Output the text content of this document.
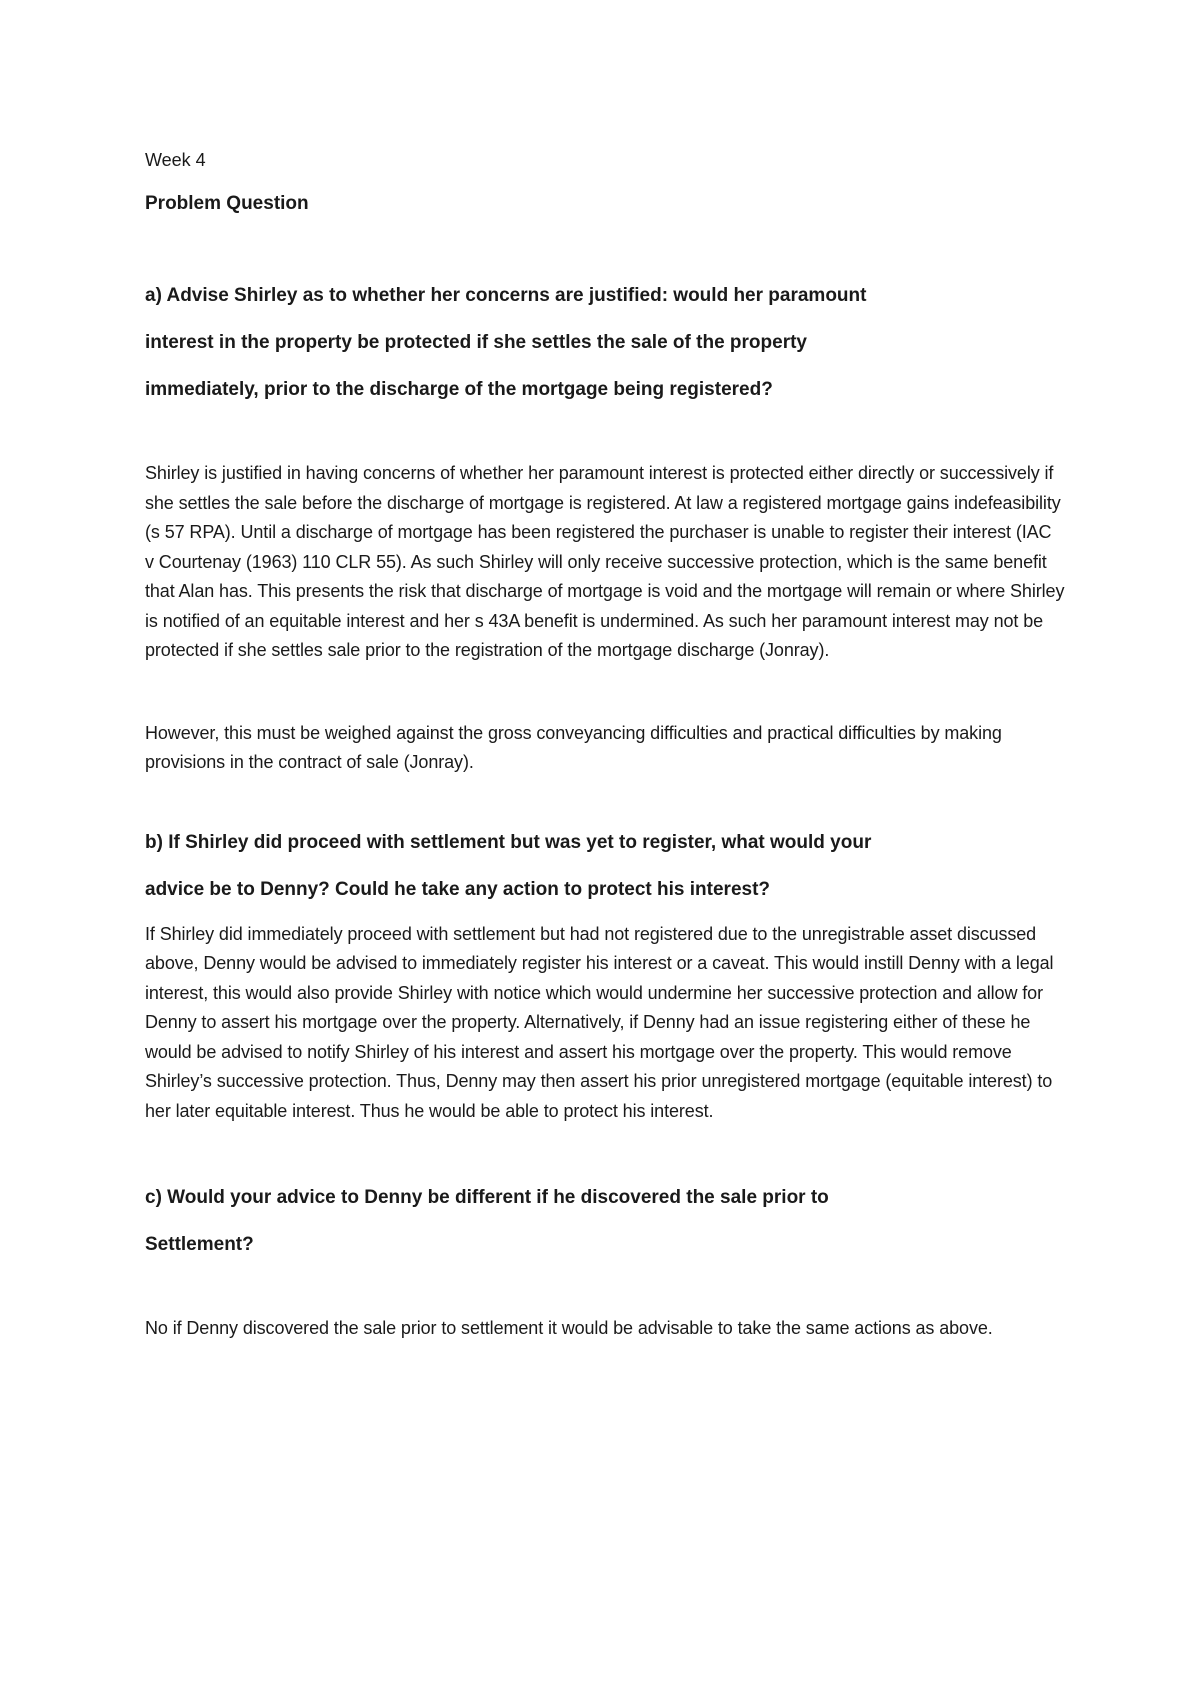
Week 4

Problem Question

a) Advise Shirley as to whether her concerns are justified: would her paramount

interest in the property be protected if she settles the sale of the property

immediately, prior to the discharge of the mortgage being registered?

Shirley is justified in having concerns of whether her paramount interest is protected either directly or successively if she settles the sale before the discharge of mortgage is registered. At law a registered mortgage gains indefeasibility (s 57 RPA). Until a discharge of mortgage has been registered the purchaser is unable to register their interest (IAC v Courtenay (1963) 110 CLR 55). As such Shirley will only receive successive protection, which is the same benefit that Alan has. This presents the risk that discharge of mortgage is void and the mortgage will remain or where Shirley is notified of an equitable interest and her s 43A benefit is undermined. As such her paramount interest may not be protected if she settles sale prior to the registration of the mortgage discharge (Jonray).

However, this must be weighed against the gross conveyancing difficulties and practical difficulties by making provisions in the contract of sale (Jonray).

b) If Shirley did proceed with settlement but was yet to register, what would your

advice be to Denny? Could he take any action to protect his interest?

If Shirley did immediately proceed with settlement but had not registered due to the unregistrable asset discussed above, Denny would be advised to immediately register his interest or a caveat. This would instill Denny with a legal interest, this would also provide Shirley with notice which would undermine her successive protection and allow for Denny to assert his mortgage over the property. Alternatively, if Denny had an issue registering either of these he would be advised to notify Shirley of his interest and assert his mortgage over the property. This would remove Shirley’s successive protection. Thus, Denny may then assert his prior unregistered mortgage (equitable interest) to her later equitable interest. Thus he would be able to protect his interest.

c) Would your advice to Denny be different if he discovered the sale prior to

Settlement?

No if Denny discovered the sale prior to settlement it would be advisable to take the same actions as above.
